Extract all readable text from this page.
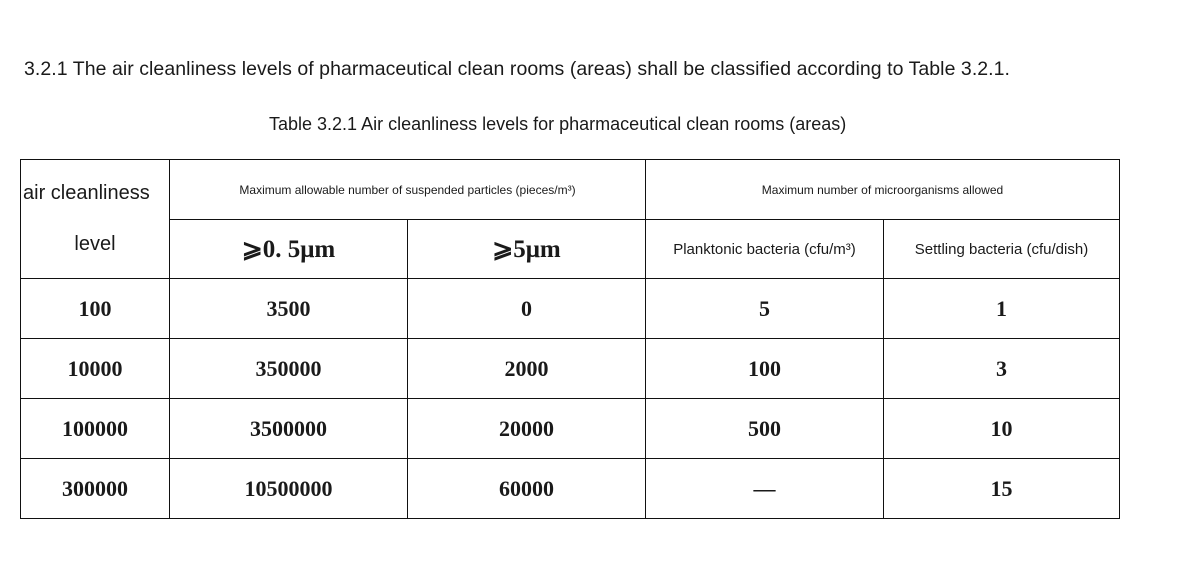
3.2.1 The air cleanliness levels of pharmaceutical clean rooms (areas) shall be classified according to Table 3.2.1.
Table 3.2.1 Air cleanliness levels for pharmaceutical clean rooms (areas)
air cleanliness
level	Maximum allowable number of suspended particles (pieces/m³)		Maximum number of microorganisms allowed	
	⩾0. 5μm	⩾5μm	Planktonic bacteria (cfu/m³)	Settling bacteria (cfu/dish)
100	3500	0	5	1
10000	350000	2000	100	3
100000	3500000	20000	500	10
300000	10500000	60000	—	15
